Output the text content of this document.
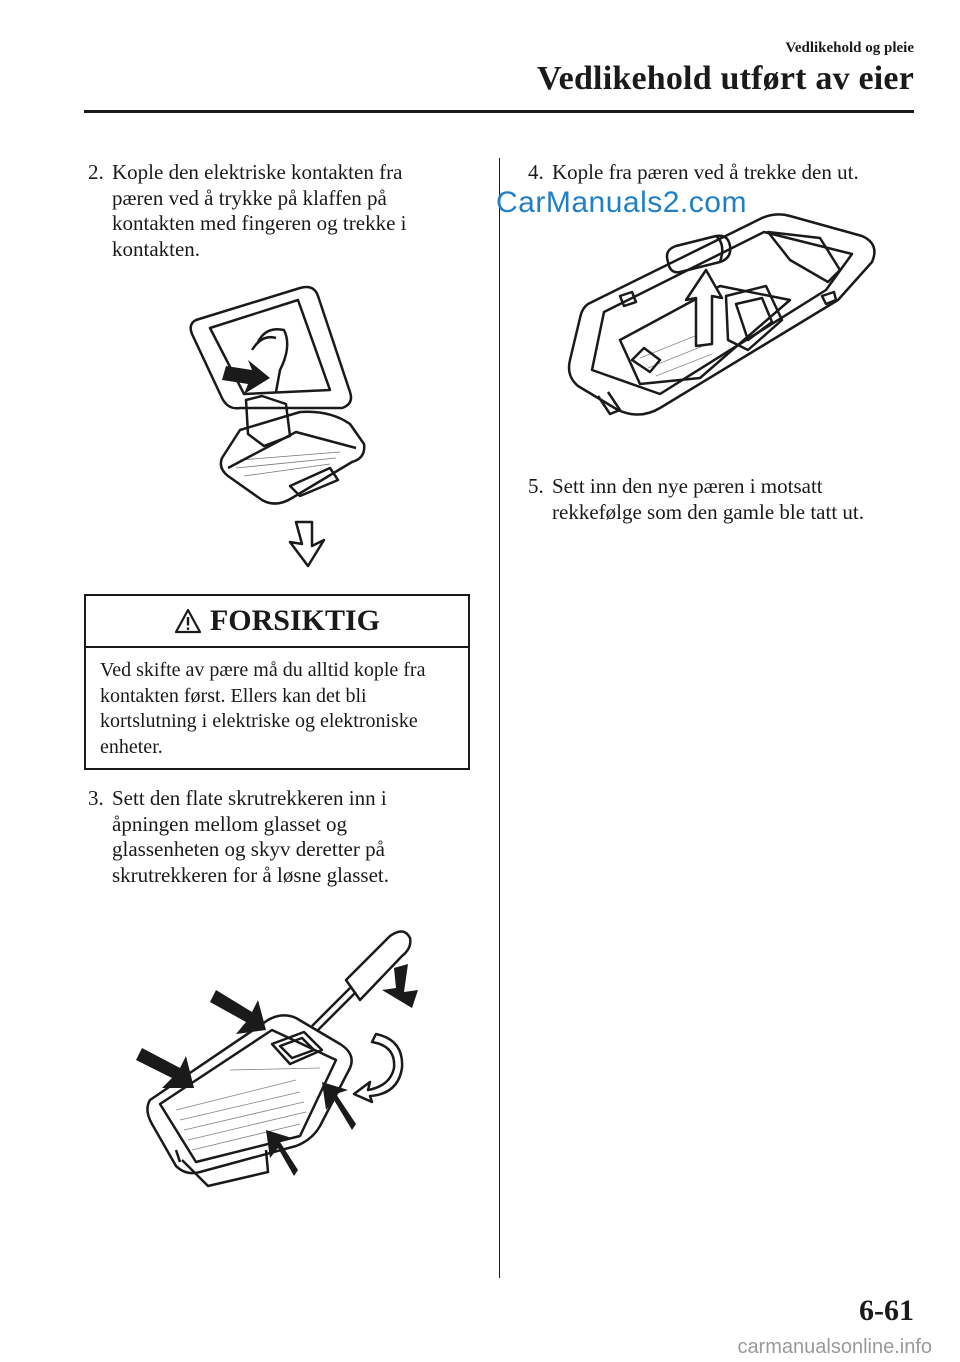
Vedlikehold og pleie
Vedlikehold utført av eier
2. Kople den elektriske kontakten fra pæren ved å trykke på klaffen på kontakten med fingeren og trekke i kontakten.
FORSIKTIG
Ved skifte av pære må du alltid kople fra kontakten først. Ellers kan det bli kortslutning i elektriske og elektroniske enheter.
3. Sett den flate skrutrekkeren inn i åpningen mellom glasset og glassenheten og skyv deretter på skrutrekkeren for å løsne glasset.
CarManuals2.com
4. Kople fra pæren ved å trekke den ut.
5. Sett inn den nye pæren i motsatt rekkefølge som den gamle ble tatt ut.
6-61
carmanualsonline.info
